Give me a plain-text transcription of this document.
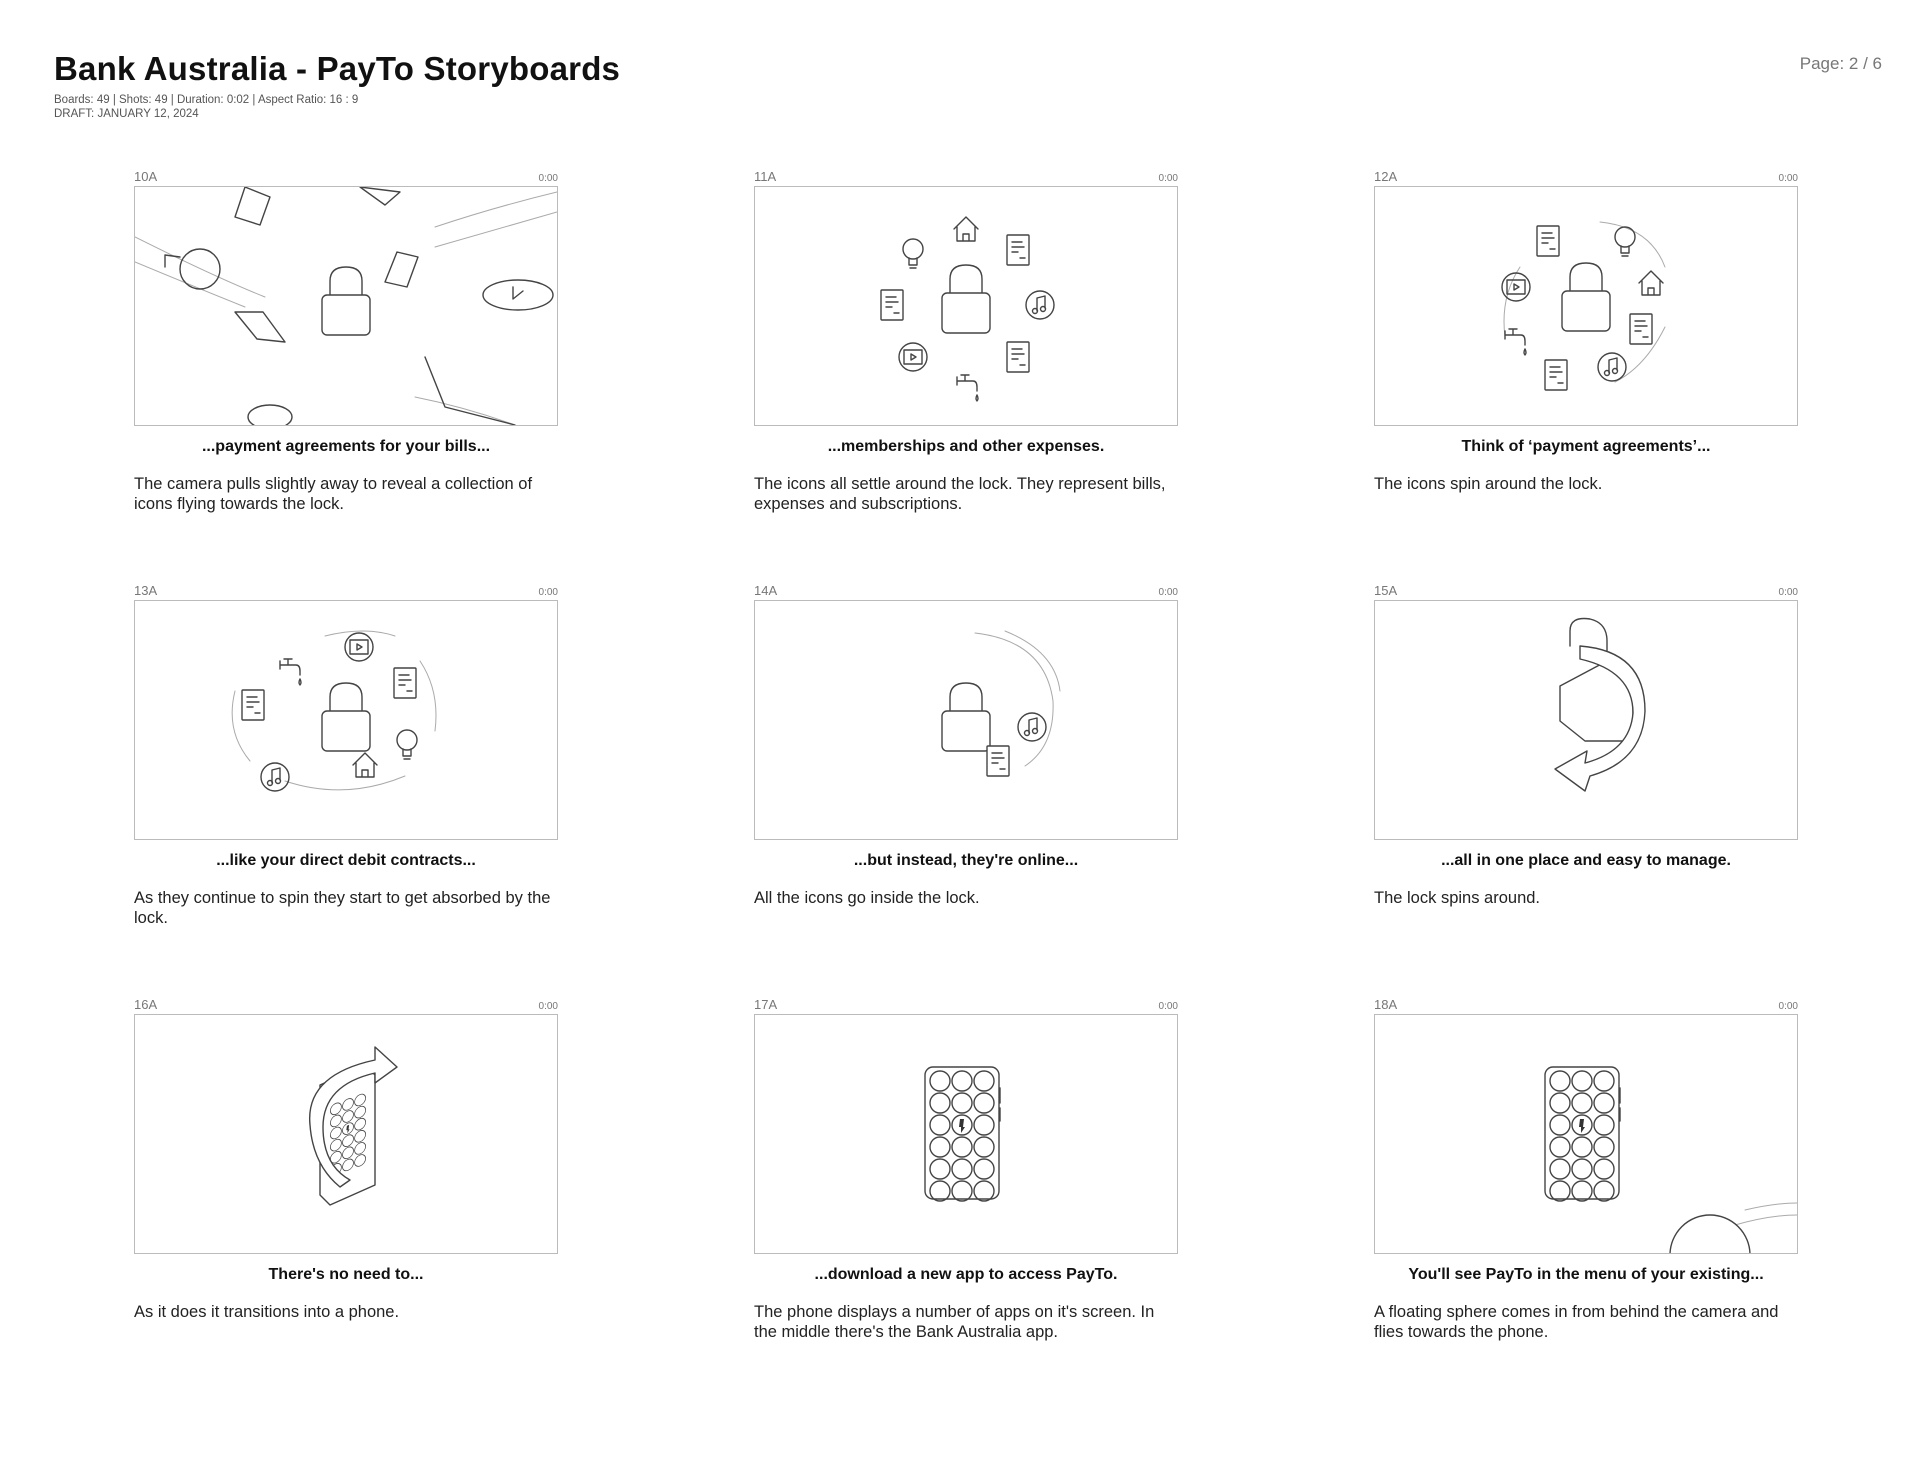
Bank Australia - PayTo Storyboards
Boards: 49 | Shots: 49 | Duration: 0:02 | Aspect Ratio: 16 : 9
DRAFT: JANUARY 12, 2024
Page: 2 / 6
10A	0:00
...payment agreements for your bills...
The camera pulls slightly away to reveal a collection of icons flying towards the lock.
11A	0:00
...memberships and other expenses.
The icons all settle around the lock. They represent bills, expenses and subscriptions.
12A	0:00
Think of ‘payment agreements’...
The icons spin around the lock.
13A	0:00
...like your direct debit contracts...
As they continue to spin they start to get absorbed by the lock.
14A	0:00
...but instead, they're online...
All the icons go inside the lock.
15A	0:00
...all in one place and easy to manage.
The lock spins around.
16A	0:00
There's no need to...
As it does it transitions into a phone.
17A	0:00
...download a new app to access PayTo.
The phone displays a number of apps on it's screen. In the middle there's the Bank Australia app.
18A	0:00
You'll see PayTo in the menu of your existing...
A floating sphere comes in from behind the camera and flies towards the phone.
